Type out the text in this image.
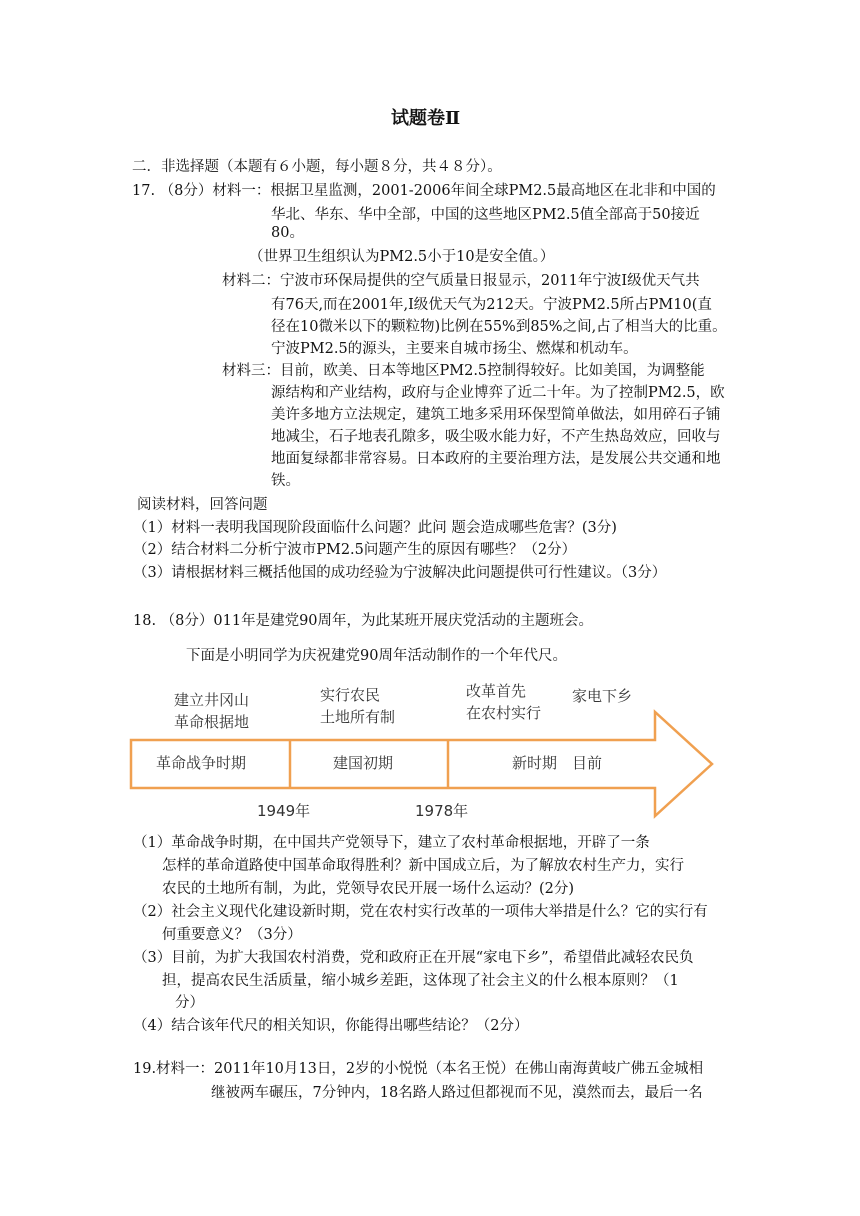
试题卷Ⅱ
二．非选择题（本题有６小题，每小题８分，共４８分）。
17. （8分）材料一：根据卫星监测，2001-2006年间全球PM2.5最高地区在北非和中国的
华北、华东、华中全部，中国的这些地区PM2.5值全部高于50接近
80。
（世界卫生组织认为PM2.5小于10是安全值。）
材料二：宁波市环保局提供的空气质量日报显示，2011年宁波Ⅰ级优天气共
有76天,而在2001年,Ⅰ级优天气为212天。宁波PM2.5所占PM10(直
径在10微米以下的颗粒物)比例在55%到85%之间,占了相当大的比重。
宁波PM2.5的源头，主要来自城市扬尘、燃煤和机动车。
材料三：目前，欧美、日本等地区PM2.5控制得较好。比如美国，为调整能
源结构和产业结构，政府与企业博弈了近二十年。为了控制PM2.5，欧
美许多地方立法规定，建筑工地多采用环保型简单做法，如用碎石子铺
地减尘，石子地表孔隙多，吸尘吸水能力好，不产生热岛效应，回收与
地面复绿都非常容易。日本政府的主要治理方法，是发展公共交通和地
铁。
阅读材料，回答问题
（1）材料一表明我国现阶段面临什么问题？此问 题会造成哪些危害？(3分)
（2）结合材料二分析宁波市PM2.5问题产生的原因有哪些？（2分）
（3）请根据材料三概括他国的成功经验为宁波解决此问题提供可行性建议。（3分）
18. （8分）011年是建党90周年，为此某班开展庆党活动的主题班会。
下面是小明同学为庆祝建党90周年活动制作的一个年代尺。
建立井冈山
革命根据地
实行农民
土地所有制
改革首先
在农村实行
家电下乡
革命战争时期	建国初期	新时期　目前
1949年	1978年
（1）革命战争时期，在中国共产党领导下，建立了农村革命根据地，开辟了一条
怎样的革命道路使中国革命取得胜利？新中国成立后，为了解放农村生产力，实行
农民的土地所有制，为此，党领导农民开展一场什么运动？(2分)
（2）社会主义现代化建设新时期，党在农村实行改革的一项伟大举措是什么？它的实行有
何重要意义？（3分）
（3）目前，为扩大我国农村消费，党和政府正在开展“家电下乡”，希望借此减轻农民负
担，提高农民生活质量，缩小城乡差距，这体现了社会主义的什么根本原则？（1
分）
（4）结合该年代尺的相关知识，你能得出哪些结论？（2分）
19.材料一：2011年10月13日，2岁的小悦悦（本名王悦）在佛山南海黄岐广佛五金城相
继被两车碾压，7分钟内，18名路人路过但都视而不见，漠然而去，最后一名
